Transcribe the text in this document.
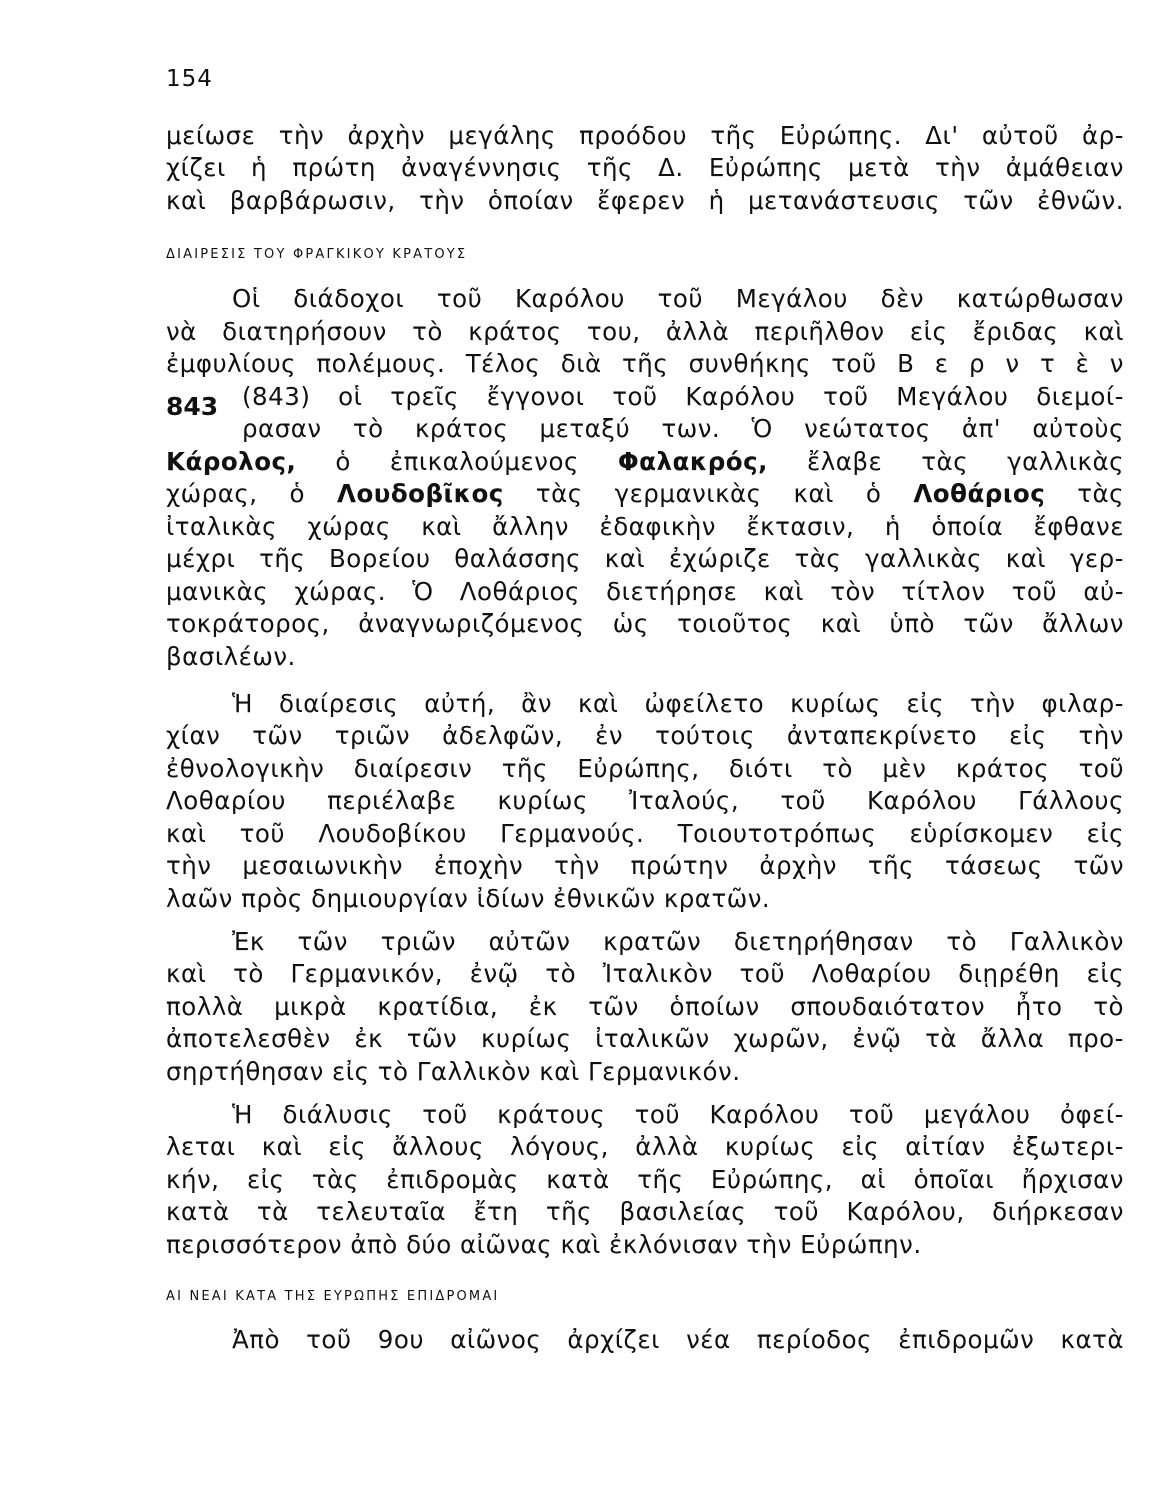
154
μείωσε τὴν ἀρχὴν μεγάλης προόδου τῆς Εὐρώπης. Δι' αὐτοῦ ἀρ-
χίζει ἡ πρώτη ἀναγέννησις τῆς Δ. Εὐρώπης μετὰ τὴν ἀμάθειαν
καὶ βαρβάρωσιν, τὴν ὁποίαν ἔφερεν ἡ μετανάστευσις τῶν ἐθνῶν.
ΔΙΑΙΡΕΣΙΣ ΤΟΥ ΦΡΑΓΚΙΚΟΥ ΚΡΑΤΟΥΣ
843
Οἱ διάδοχοι τοῦ Καρόλου τοῦ Μεγάλου δὲν κατώρθωσαν
νὰ διατηρήσουν τὸ κράτος του, ἀλλὰ περιῆλθον εἰς ἔριδας καὶ
ἐμφυλίους πολέμους. Τέλος διὰ τῆς συνθήκης τοῦ Β ε ρ ν τ ὲ ν
(843) οἱ τρεῖς ἔγγονοι τοῦ Καρόλου τοῦ Μεγάλου διεμοί-
ρασαν τὸ κράτος μεταξύ των. Ὁ νεώτατος ἀπ' αὐτοὺς
Κάρολος, ὁ ἐπικαλούμενος Φαλακρός, ἔλαβε τὰς γαλλικὰς
χώρας, ὁ Λουδοβῖκος τὰς γερμανικὰς καὶ ὁ Λοθάριος τὰς
ἰταλικὰς χώρας καὶ ἄλλην ἐδαφικὴν ἔκτασιν, ἡ ὁποία ἔφθανε
μέχρι τῆς Βορείου θαλάσσης καὶ ἐχώριζε τὰς γαλλικὰς καὶ γερ-
μανικὰς χώρας. Ὁ Λοθάριος διετήρησε καὶ τὸν τίτλον τοῦ αὐ-
τοκράτορος, ἀναγνωριζόμενος ὡς τοιοῦτος καὶ ὑπὸ τῶν ἄλλων
βασιλέων.
Ἡ διαίρεσις αὐτή, ἂν καὶ ὠφείλετο κυρίως εἰς τὴν φιλαρ-
χίαν τῶν τριῶν ἀδελφῶν, ἐν τούτοις ἀνταπεκρίνετο εἰς τὴν
ἐθνολογικὴν διαίρεσιν τῆς Εὐρώπης, διότι τὸ μὲν κράτος τοῦ
Λοθαρίου περιέλαβε κυρίως Ἰταλούς, τοῦ Καρόλου Γάλλους
καὶ τοῦ Λουδοβίκου Γερμανούς. Τοιουτοτρόπως εὑρίσκομεν εἰς
τὴν μεσαιωνικὴν ἐποχὴν τὴν πρώτην ἀρχὴν τῆς τάσεως τῶν
λαῶν πρὸς δημιουργίαν ἰδίων ἐθνικῶν κρατῶν.
Ἐκ τῶν τριῶν αὐτῶν κρατῶν διετηρήθησαν τὸ Γαλλικὸν
καὶ τὸ Γερμανικόν, ἐνῷ τὸ Ἰταλικὸν τοῦ Λοθαρίου διῃρέθη εἰς
πολλὰ μικρὰ κρατίδια, ἐκ τῶν ὁποίων σπουδαιότατον ἦτο τὸ
ἀποτελεσθὲν ἐκ τῶν κυρίως ἰταλικῶν χωρῶν, ἐνῷ τὰ ἄλλα προ-
σηρτήθησαν εἰς τὸ Γαλλικὸν καὶ Γερμανικόν.
Ἡ διάλυσις τοῦ κράτους τοῦ Καρόλου τοῦ μεγάλου ὀφεί-
λεται καὶ εἰς ἄλλους λόγους, ἀλλὰ κυρίως εἰς αἰτίαν ἐξωτερι-
κήν, εἰς τὰς ἐπιδρομὰς κατὰ τῆς Εὐρώπης, αἱ ὁποῖαι ἤρχισαν
κατὰ τὰ τελευταῖα ἔτη τῆς βασιλείας τοῦ Καρόλου, διήρκεσαν
περισσότερον ἀπὸ δύο αἰῶνας καὶ ἐκλόνισαν τὴν Εὐρώπην.
ΑΙ ΝΕΑΙ ΚΑΤΑ ΤΗΣ ΕΥΡΩΠΗΣ ΕΠΙΔΡΟΜΑΙ
Ἀπὸ τοῦ 9ου αἰῶνος ἀρχίζει νέα περίοδος ἐπιδρομῶν κατὰ
